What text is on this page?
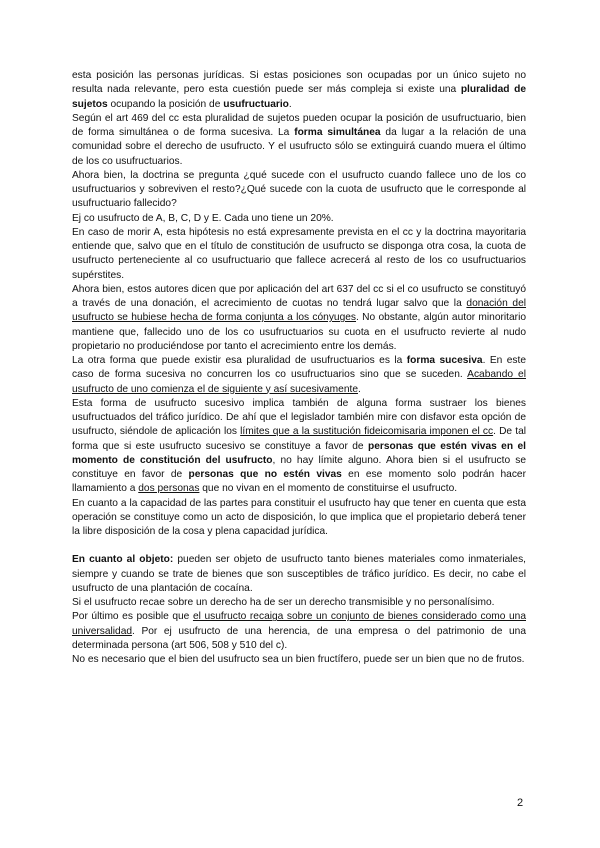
esta posición las personas jurídicas. Si estas posiciones son ocupadas por un único sujeto no resulta nada relevante, pero esta cuestión puede ser más compleja si existe una pluralidad de sujetos ocupando la posición de usufructuario.

Según el art 469 del cc esta pluralidad de sujetos pueden ocupar la posición de usufructuario, bien de forma simultánea o de forma sucesiva. La forma simultánea da lugar a la relación de una comunidad sobre el derecho de usufructo. Y el usufructo sólo se extinguirá cuando muera el último de los co usufructuarios.

Ahora bien, la doctrina se pregunta ¿qué sucede con el usufructo cuando fallece uno de los co usufructuarios y sobreviven el resto?¿Qué sucede con la cuota de usufructo que le corresponde al usufructuario fallecido?

Ej co usufructo de A, B, C, D y E. Cada uno tiene un 20%.

En caso de morir A, esta hipótesis no está expresamente prevista en el cc y la doctrina mayoritaria entiende que, salvo que en el título de constitución de usufructo se disponga otra cosa, la cuota de usufructo perteneciente al co usufructuario que fallece acrecerá al resto de los co usufructuarios supérstites.

Ahora bien, estos autores dicen que por aplicación del art 637 del cc si el co usufructo se constituyó a través de una donación, el acrecimiento de cuotas no tendrá lugar salvo que la donación del usufructo se hubiese hecha de forma conjunta a los cónyuges. No obstante, algún autor minoritario mantiene que, fallecido uno de los co usufructuarios su cuota en el usufructo revierte al nudo propietario no produciéndose por tanto el acrecimiento entre los demás.

La otra forma que puede existir esa pluralidad de usufructuarios es la forma sucesiva. En este caso de forma sucesiva no concurren los co usufructuarios sino que se suceden. Acabando el usufructo de uno comienza el de siguiente y así sucesivamente.

Esta forma de usufructo sucesivo implica también de alguna forma sustraer los bienes usufructuados del tráfico jurídico. De ahí que el legislador también mire con disfavor esta opción de usufructo, siéndole de aplicación los límites que a la sustitución fideicomisaria imponen el cc. De tal forma que si este usufructo sucesivo se constituye a favor de personas que estén vivas en el momento de constitución del usufructo, no hay límite alguno. Ahora bien si el usufructo se constituye en favor de personas que no estén vivas en ese momento solo podrán hacer llamamiento a dos personas que no vivan en el momento de constituirse el usufructo.

En cuanto a la capacidad de las partes para constituir el usufructo hay que tener en cuenta que esta operación se constituye como un acto de disposición, lo que implica que el propietario deberá tener la libre disposición de la cosa y plena capacidad jurídica.

En cuanto al objeto: pueden ser objeto de usufructo tanto bienes materiales como inmateriales, siempre y cuando se trate de bienes que son susceptibles de tráfico jurídico. Es decir, no cabe el usufructo de una plantación de cocaína.

Si el usufructo recae sobre un derecho ha de ser un derecho transmisible y no personalísimo.

Por último es posible que el usufructo recaiga sobre un conjunto de bienes considerado como una universalidad. Por ej usufructo de una herencia, de una empresa o del patrimonio de una determinada persona (art 506, 508 y 510 del c).

No es necesario que el bien del usufructo sea un bien fructífero, puede ser un bien que no de frutos.

2
